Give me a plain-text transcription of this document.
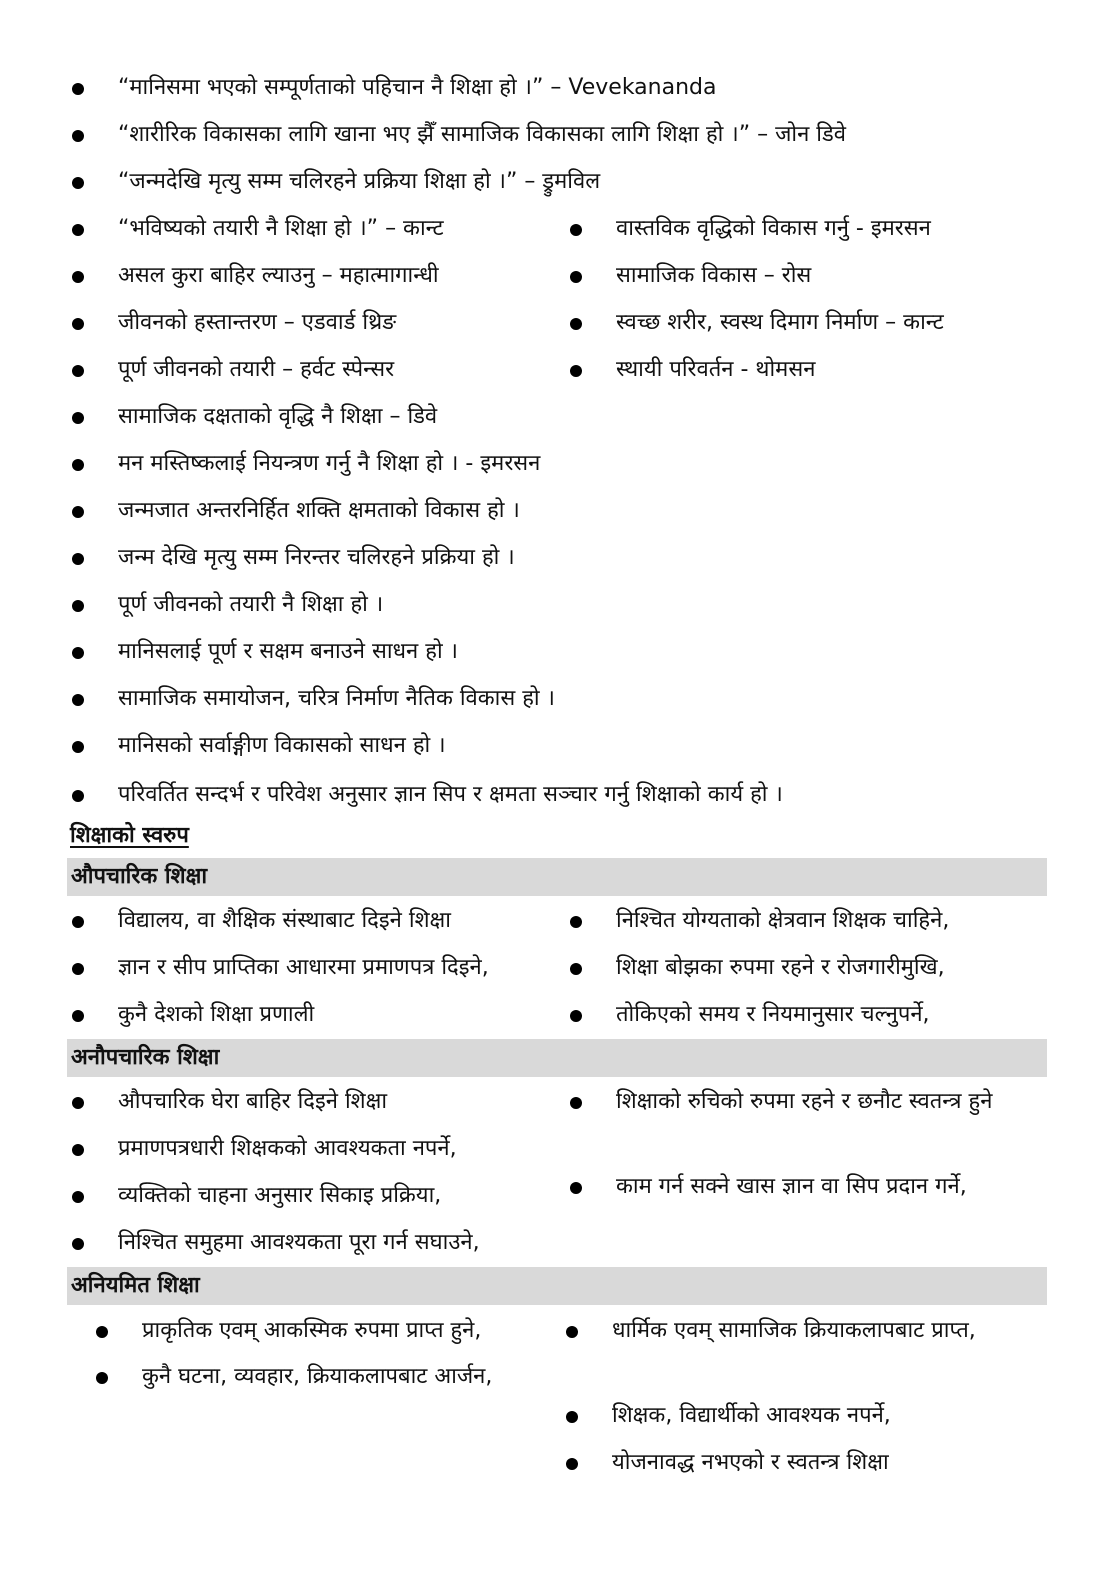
“मानिसमा भएको सम्पूर्णताको पहिचान नै शिक्षा हो ।” – Vevekananda
“शारीरिक विकासका लागि खाना भए झैँ सामाजिक विकासका लागि शिक्षा हो ।” – जोन डिवे
“जन्मदेखि मृत्यु सम्म चलिरहने प्रक्रिया शिक्षा हो ।” – ड्रुमविल
“भविष्यको तयारी नै शिक्षा हो ।” – कान्ट
असल कुरा बाहिर ल्याउनु – महात्मागान्धी
जीवनको हस्तान्तरण – एडवार्ड थ्रिङ
पूर्ण जीवनको तयारी – हर्वट स्पेन्सर
सामाजिक दक्षताको वृद्धि नै शिक्षा – डिवे
मन मस्तिष्कलाई नियन्त्रण गर्नु नै शिक्षा हो । - इमरसन
जन्मजात अन्तरनिर्हित शक्ति क्षमताको विकास हो ।
जन्म देखि मृत्यु सम्म निरन्तर चलिरहने प्रक्रिया हो ।
पूर्ण जीवनको तयारी नै शिक्षा हो ।
मानिसलाई पूर्ण र सक्षम बनाउने साधन हो ।
सामाजिक समायोजन, चरित्र निर्माण नैतिक विकास हो ।
मानिसको सर्वाङ्गीण विकासको साधन हो ।
परिवर्तित सन्दर्भ र परिवेश अनुसार ज्ञान सिप र क्षमता सञ्चार गर्नु शिक्षाको कार्य हो ।
वास्तविक वृद्धिको विकास गर्नु - इमरसन
सामाजिक विकास – रोस
स्वच्छ शरीर, स्वस्थ दिमाग निर्माण – कान्ट
स्थायी परिवर्तन - थोमसन
शिक्षाको स्वरुप
औपचारिक शिक्षा
विद्यालय, वा शैक्षिक संस्थाबाट दिइने शिक्षा
ज्ञान र सीप प्राप्तिका आधारमा प्रमाणपत्र दिइने,
कुनै देशको शिक्षा प्रणाली
निश्चित योग्यताको क्षेत्रवान शिक्षक चाहिने,
शिक्षा बोझका रुपमा रहने र रोजगारीमुखि,
तोकिएको समय र नियमानुसार चल्नुपर्ने,
अनौपचारिक शिक्षा
औपचारिक घेरा बाहिर दिइने शिक्षा
प्रमाणपत्रधारी शिक्षकको आवश्यकता नपर्ने,
व्यक्तिको चाहना अनुसार सिकाइ प्रक्रिया,
निश्चित समुहमा आवश्यकता पूरा गर्न सघाउने,
शिक्षाको रुचिको रुपमा रहने र छनौट स्वतन्त्र हुने
काम गर्न सक्ने खास ज्ञान वा सिप प्रदान गर्ने,
अनियमित शिक्षा
प्राकृतिक एवम् आकस्मिक रुपमा प्राप्त हुने,
कुनै घटना, व्यवहार, क्रियाकलापबाट आर्जन,
धार्मिक एवम् सामाजिक क्रियाकलापबाट प्राप्त,
शिक्षक, विद्यार्थीको आवश्यक नपर्ने,
योजनावद्ध नभएको र स्वतन्त्र शिक्षा
